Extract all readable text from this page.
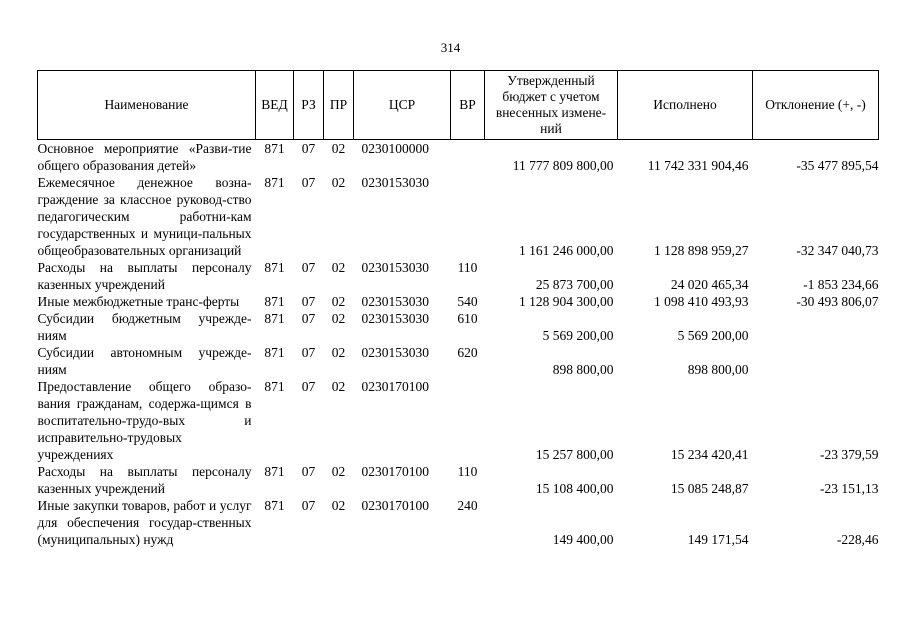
314
Наименование	ВЕД	РЗ	ПР	ЦСР	ВР	Утвержденный бюджет с учетом внесенных измене-ний	Исполнено	Отклонение (+, -)
Основное мероприятие «Разви-тие общего образования детей»	871	07	02	0230100000		11 777 809 800,00	11 742 331 904,46	-35 477 895,54
Ежемесячное денежное возна-граждение за классное руковод-ство педагогическим работни-кам государственных и муници-пальных общеобразовательных организаций	871	07	02	0230153030		1 161 246 000,00	1 128 898 959,27	-32 347 040,73
Расходы на выплаты персоналу казенных учреждений	871	07	02	0230153030	110	25 873 700,00	24 020 465,34	-1 853 234,66
Иные межбюджетные транс-ферты	871	07	02	0230153030	540	1 128 904 300,00	1 098 410 493,93	-30 493 806,07
Субсидии бюджетным учрежде-ниям	871	07	02	0230153030	610	5 569 200,00	5 569 200,00	
Субсидии автономным учрежде-ниям	871	07	02	0230153030	620	898 800,00	898 800,00	
Предоставление общего образо-вания гражданам, содержа-щимся в воспитательно-трудо-вых и исправительно-трудовых учреждениях	871	07	02	0230170100		15 257 800,00	15 234 420,41	-23 379,59
Расходы на выплаты персоналу казенных учреждений	871	07	02	0230170100	110	15 108 400,00	15 085 248,87	-23 151,13
Иные закупки товаров, работ и услуг для обеспечения государ-ственных (муниципальных) нужд	871	07	02	0230170100	240	149 400,00	149 171,54	-228,46
